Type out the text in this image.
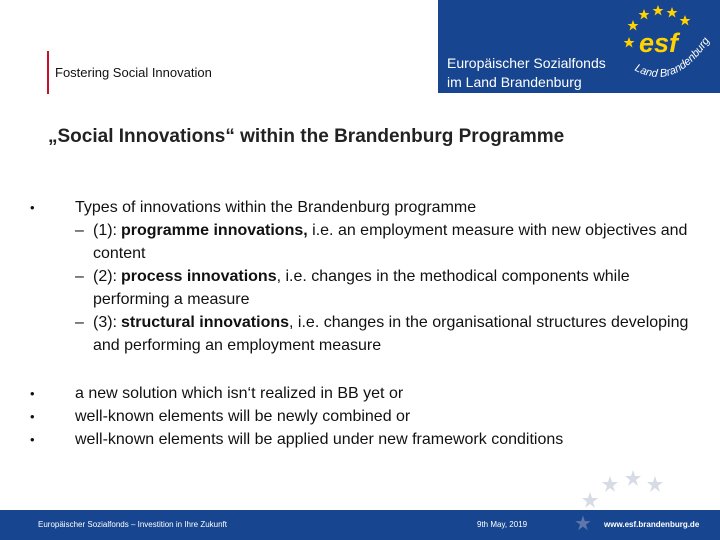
Fostering Social Innovation
Europäischer Sozialfonds
im Land Brandenburg
esf
Land Brandenburg
„Social Innovations“ within the Brandenburg Programme
•	Types of innovations within the Brandenburg programme
– (1): programme innovations, i.e. an employment measure with new objectives and content
– (2): process innovations, i.e. changes in the methodical components while performing a measure
– (3): structural innovations, i.e. changes in the organisational structures developing and performing an employment measure
•	a new solution which isn‘t realized in BB yet or
•	well-known elements will be newly combined or
•	well-known elements will be applied under new framework conditions
Europäischer Sozialfonds – Investition in Ihre Zukunft	9th May, 2019 ★ www.esf.brandenburg.de
